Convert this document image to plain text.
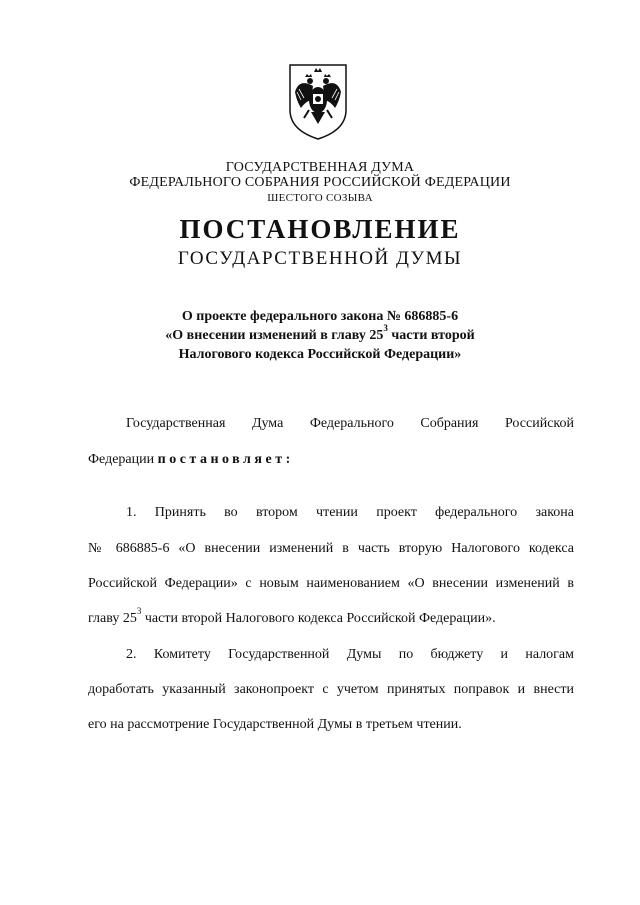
ГОСУДАРСТВЕННАЯ ДУМА
ФЕДЕРАЛЬНОГО СОБРАНИЯ РОССИЙСКОЙ ФЕДЕРАЦИИ
ШЕСТОГО СОЗЫВА
ПОСТАНОВЛЕНИЕ
ГОСУДАРСТВЕННОЙ ДУМЫ
О проекте федерального закона № 686885-6
«О внесении изменений в главу $25^3$ части второй
Налогового кодекса Российской Федерации»
Государственная Дума Федерального Собрания Российской
Федерации постановляет:
1. Принять во втором чтении проект федерального закона
№ 686885-6 «О внесении изменений в часть вторую Налогового кодекса
Российской Федерации» с новым наименованием «О внесении изменений в
главу $25^3$ части второй Налогового кодекса Российской Федерации».
2. Комитету Государственной Думы по бюджету и налогам
доработать указанный законопроект с учетом принятых поправок и внести
его на рассмотрение Государственной Думы в третьем чтении.
